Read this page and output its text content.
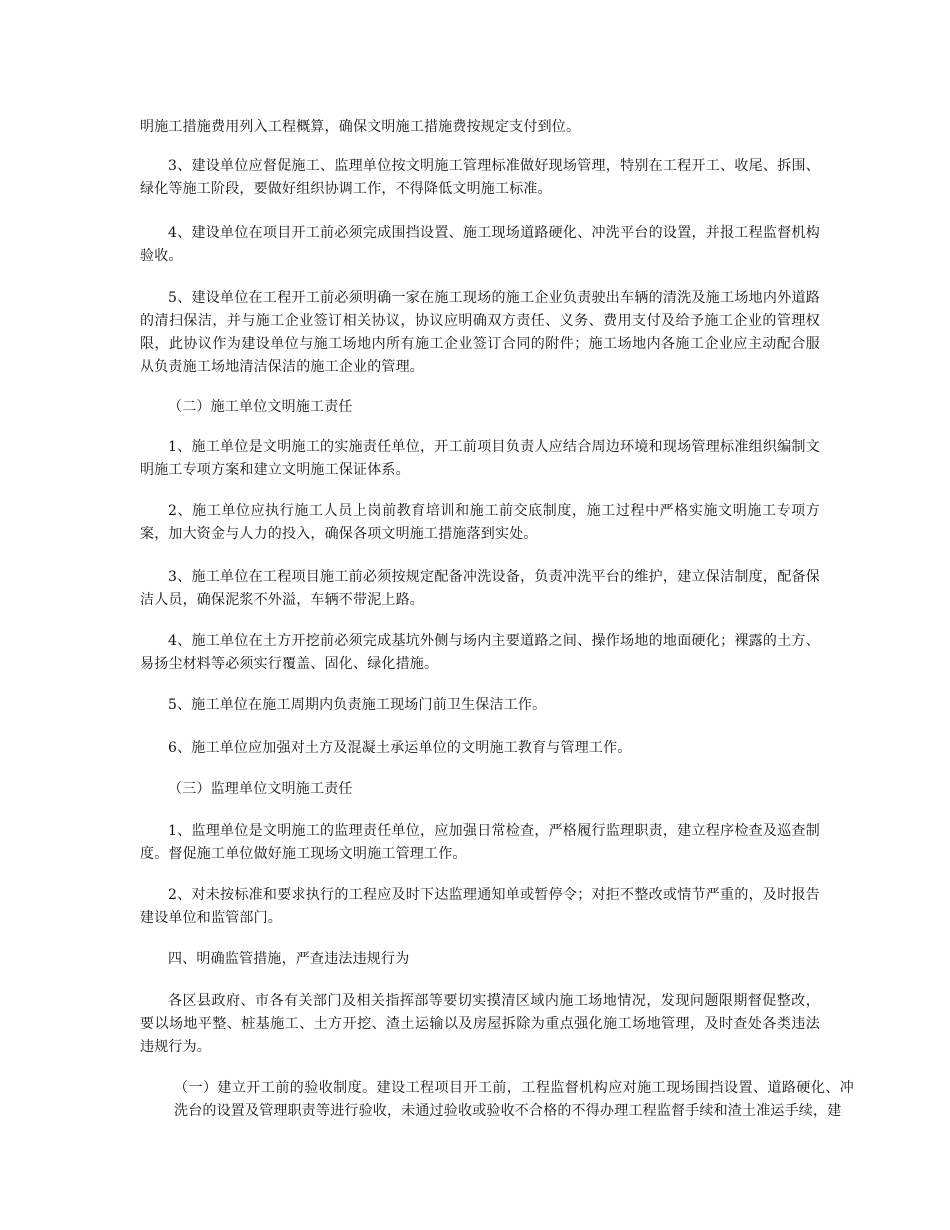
明施工措施费用列入工程概算，确保文明施工措施费按规定支付到位。

3、建设单位应督促施工、监理单位按文明施工管理标准做好现场管理，特别在工程开工、收尾、拆围、绿化等施工阶段，要做好组织协调工作，不得降低文明施工标准。

4、建设单位在项目开工前必须完成围挡设置、施工现场道路硬化、冲洗平台的设置，并报工程监督机构验收。

5、建设单位在工程开工前必须明确一家在施工现场的施工企业负责驶出车辆的清洗及施工场地内外道路的清扫保洁，并与施工企业签订相关协议，协议应明确双方责任、义务、费用支付及给予施工企业的管理权限，此协议作为建设单位与施工场地内所有施工企业签订合同的附件；施工场地内各施工企业应主动配合服从负责施工场地清洁保洁的施工企业的管理。

（二）施工单位文明施工责任

1、施工单位是文明施工的实施责任单位，开工前项目负责人应结合周边环境和现场管理标准组织编制文明施工专项方案和建立文明施工保证体系。

2、施工单位应执行施工人员上岗前教育培训和施工前交底制度，施工过程中严格实施文明施工专项方案，加大资金与人力的投入，确保各项文明施工措施落到实处。

3、施工单位在工程项目施工前必须按规定配备冲洗设备，负责冲洗平台的维护，建立保洁制度，配备保洁人员，确保泥浆不外溢，车辆不带泥上路。

4、施工单位在土方开挖前必须完成基坑外侧与场内主要道路之间、操作场地的地面硬化；裸露的土方、易扬尘材料等必须实行覆盖、固化、绿化措施。

5、施工单位在施工周期内负责施工现场门前卫生保洁工作。

6、施工单位应加强对土方及混凝土承运单位的文明施工教育与管理工作。

（三）监理单位文明施工责任

1、监理单位是文明施工的监理责任单位，应加强日常检查，严格履行监理职责，建立程序检查及巡查制度。督促施工单位做好施工现场文明施工管理工作。

2、对未按标准和要求执行的工程应及时下达监理通知单或暂停令；对拒不整改或情节严重的，及时报告建设单位和监管部门。

四、明确监管措施，严查违法违规行为

各区县政府、市各有关部门及相关指挥部等要切实摸清区域内施工场地情况，发现问题限期督促整改，要以场地平整、桩基施工、土方开挖、渣土运输以及房屋拆除为重点强化施工场地管理，及时查处各类违法违规行为。

（一）建立开工前的验收制度。建设工程项目开工前，工程监督机构应对施工现场围挡设置、道路硬化、冲洗台的设置及管理职责等进行验收，未通过验收或验收不合格的不得办理工程监督手续和渣土准运手续，建
